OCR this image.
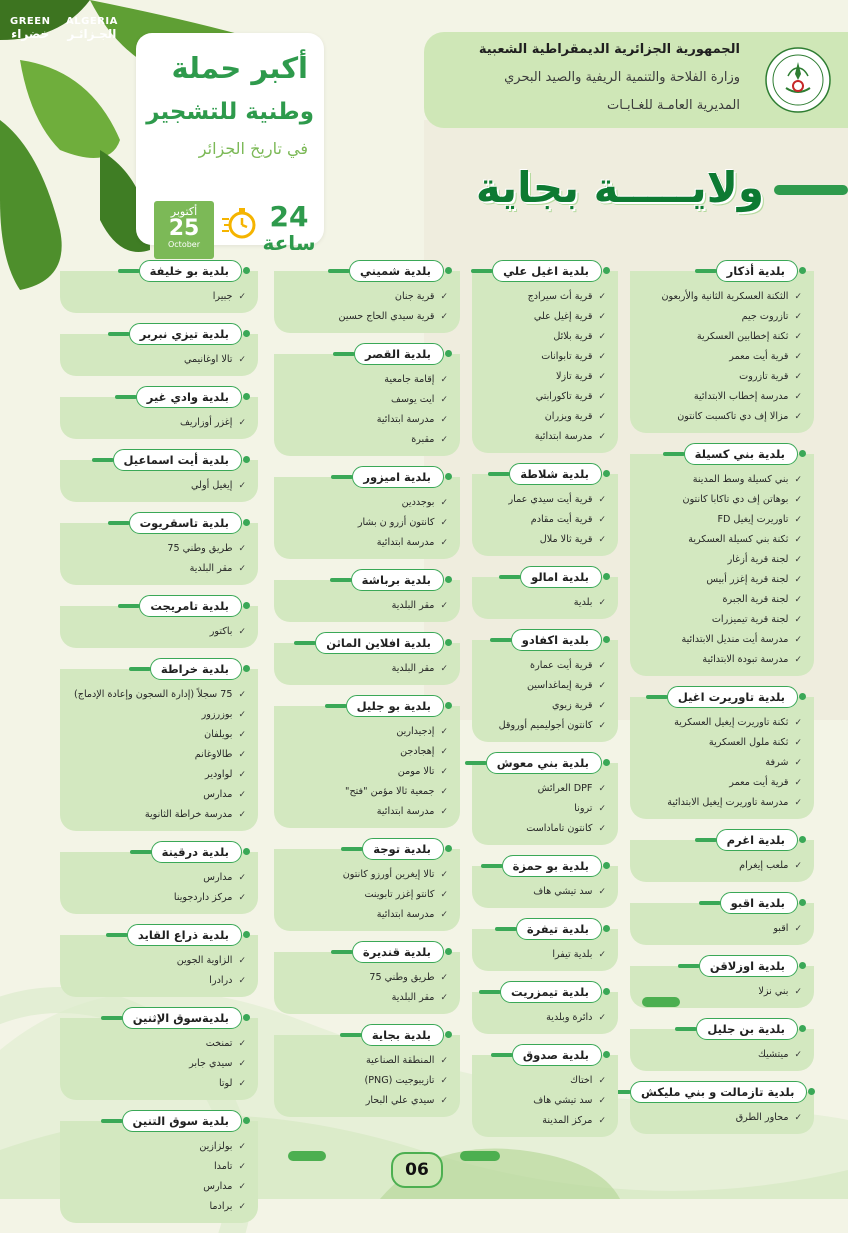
GREEN
خضراء
ALGERIA
الجـزائـر
أكبر حملة
وطنية للتشجير
في تاريخ الجزائر
أكتوبر
25
October
24
ساعة
الجمهورية الجزائرية الديمقراطية الشعبية
وزارة الفلاحة والتنمية الريفية والصيد البحري
المديرية العامـة للغـابـات
ولايـــــة بجاية
بلدية أذكار
✓الثكنة العسكرية الثانية والأربعون
✓تازروت جيم
✓ثكنة إخطابين العسكرية
✓قرية أيت معمر
✓قرية تازروت
✓مدرسة إخطاب الابتدائية
✓مزالا إف دي تاكسبت كانتون
بلدية بني كسيلة
✓بني كسيلة وسط المدينة
✓بوهاتن إف دي تاكابا كانتون
✓تاوريرت إيغيل FD
✓ثكنة بني كسيلة العسكرية
✓لجنة قرية أزغار
✓لجنة قرية إغزر أبيس
✓لجنة قرية الجبرة
✓لجنة قرية تيميزرات
✓مدرسة أيت منديل الابتدائية
✓مدرسة تبودة الابتدائية
بلدية تاوريرت اغيل
✓ثكنة تاوريرت إيغيل العسكرية
✓ثكنة ملول العسكرية
✓شرفة
✓قرية أيت معمر
✓مدرسة تاوريرت إيغيل الابتدائية
بلدية اغرم
✓ملعب إيغرام
بلدية اقبو
✓اقبو
بلدية اوزلاقن
✓بني نزلا
بلدية بن جليل
✓ميتشيك
بلدية تازمالت و بني مليكش
✓محاور الطرق
بلدية اغيل علي
✓قرية أث سيرادج
✓قرية إغيل علي
✓قرية بلائل
✓قرية تابوانات
✓قرية تازلا
✓قرية تاكورابتي
✓قرية ويزران
✓مدرسة ابتدائية
بلدية شلاطة
✓قرية أيت سيدي عمار
✓قرية أيت مقادم
✓قرية ثالا ملال
بلدية امالو
✓بلدية
بلدية اكفادو
✓قرية أيت عمارة
✓قرية إيماغداسين
✓قرية زيوي
✓كانتون أجوليميم أوروقل
بلدية بني معوش
✓DPF العرائش
✓ترونا
✓كانتون تاماداست
بلدية بو حمزة
✓سد تيشي هاف
بلدية تيفرة
✓بلدية تيفرا
بلدية تيمزريت
✓دائرة وبلدية
بلدية صدوق
✓اختاك
✓سد تيشي هاف
✓مركز المدينة
بلدية شميني
✓قرية جنان
✓قرية سيدي الحاج حسين
بلدية القصر
✓إقامة جامعية
✓ايت يوسف
✓مدرسة ابتدائية
✓مقبرة
بلدية اميزور
✓بوجددين
✓كانتون أزرو ن بشار
✓مدرسة ابتدائية
بلدية برباشة
✓مقر البلدية
بلدية افلاين الماثن
✓مقر البلدية
بلدية بو جليل
✓إدجيدارين
✓إهجادجن
✓تالا مومن
✓جمعية ثالا مؤمن "فتح"
✓مدرسة ابتدائية
بلدية توجة
✓تالا إيغرين أورزو كانتون
✓كانتو إغزر تابوينت
✓مدرسة ابتدائية
بلدية قنديرة
✓طريق وطني 75
✓مقر البلدية
بلدية بجاية
✓المنطقة الصناعية
✓تازيبوجيت (PNG)
✓سيدي علي البحار
بلدية بو خليفة
✓جبيرا
بلدية تيزي نبربر
✓تالا اوغانيمي
بلدية وادي غير
✓إغزر أوزاريف
بلدية أيت اسماعيل
✓إيغيل أولي
بلدية تاسقريوت
✓طريق وطني 75
✓مقر البلدية
بلدية تامريجت
✓باكتور
بلدية خراطة
✓75 سجلاً (إدارة السجون وإعادة الإدماج)
✓بوزرزور
✓بويلفان
✓طالاوغانم
✓لواودير
✓مدارس
✓مدرسة خراطة الثانوية
بلدية درقينة
✓مدارس
✓مركز داردجوينا
بلدية ذراع القايد
✓الزاوية الجوين
✓درادرا
بلديةسوق الإثنين
✓تمنخت
✓سيدي جابر
✓لوتا
بلدية سوق التنين
✓بولزازين
✓تامدا
✓مدارس
✓برادما
06
